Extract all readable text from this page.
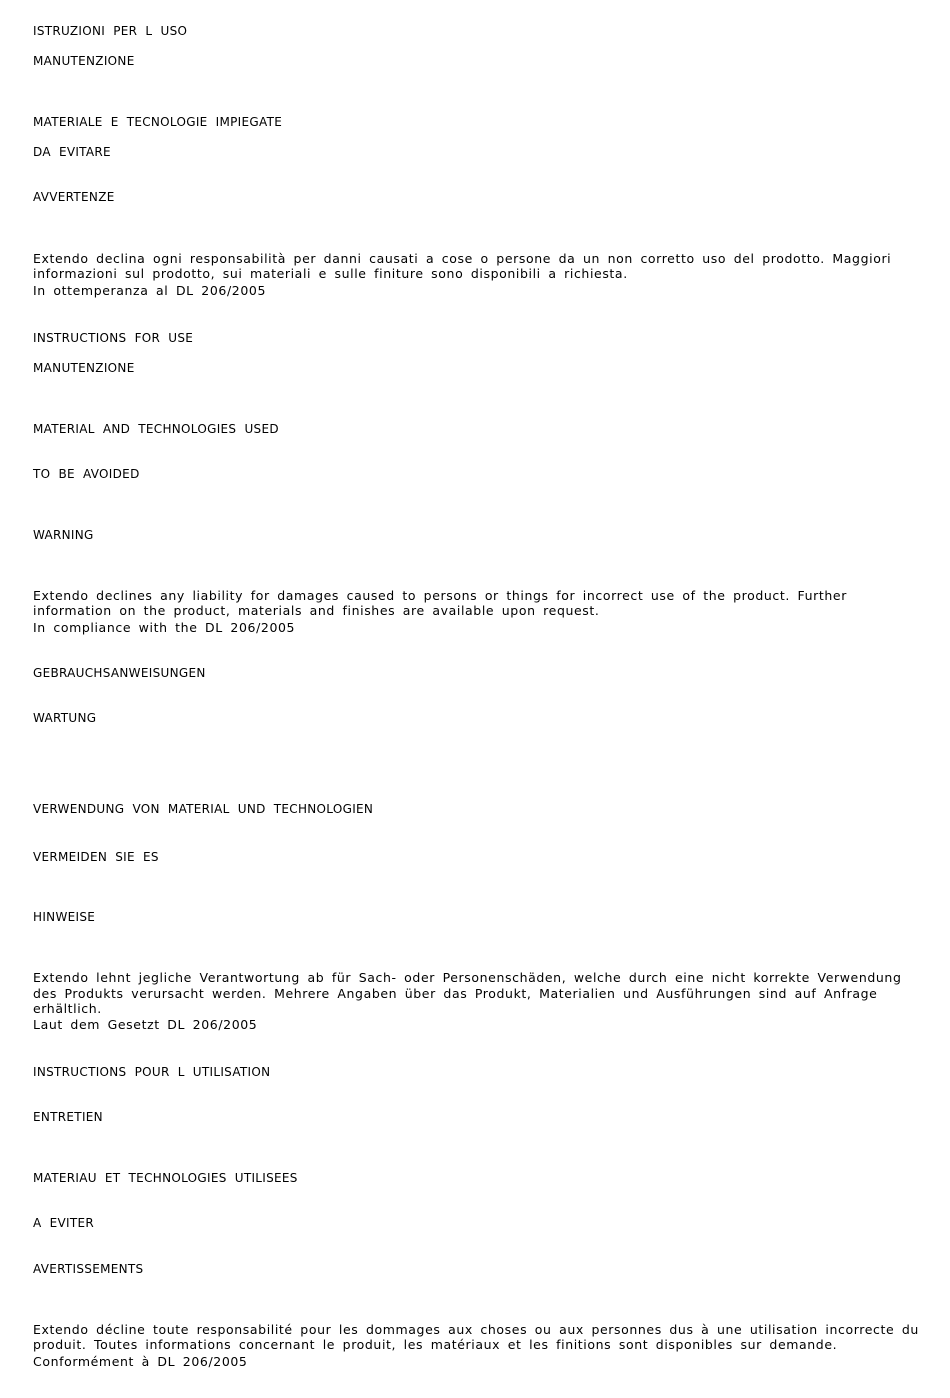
ISTRUZIONI PER L USO
MANUTENZIONE
MATERIALE E TECNOLOGIE IMPIEGATE
DA EVITARE
AVVERTENZE
Extendo declina ogni responsabilità per danni causati a cose o persone da un non corretto uso del prodotto. Maggiori
informazioni sul prodotto, sui materiali e sulle finiture sono disponibili a richiesta.
In ottemperanza al DL 206/2005
INSTRUCTIONS FOR USE
MANUTENZIONE
MATERIAL AND TECHNOLOGIES USED
TO BE AVOIDED
WARNING
Extendo declines any liability for damages caused to persons or things for incorrect use of the product. Further
information on the product, materials and finishes are available upon request.
In compliance with the DL 206/2005
GEBRAUCHSANWEISUNGEN
WARTUNG
VERWENDUNG VON MATERIAL UND TECHNOLOGIEN
VERMEIDEN SIE ES
HINWEISE
Extendo lehnt jegliche Verantwortung ab für Sach- oder Personenschäden, welche durch eine nicht korrekte Verwendung
des Produkts verursacht werden. Mehrere Angaben über das Produkt, Materialien und Ausführungen sind auf Anfrage
erhältlich.
Laut dem Gesetzt DL 206/2005
INSTRUCTIONS POUR L UTILISATION
ENTRETIEN
MATERIAU ET TECHNOLOGIES UTILISEES
A EVITER
AVERTISSEMENTS
Extendo décline toute responsabilité pour les dommages aux choses ou aux personnes dus à une utilisation incorrecte du
produit. Toutes informations concernant le produit, les matériaux et les finitions sont disponibles sur demande.
Conformément à DL 206/2005
